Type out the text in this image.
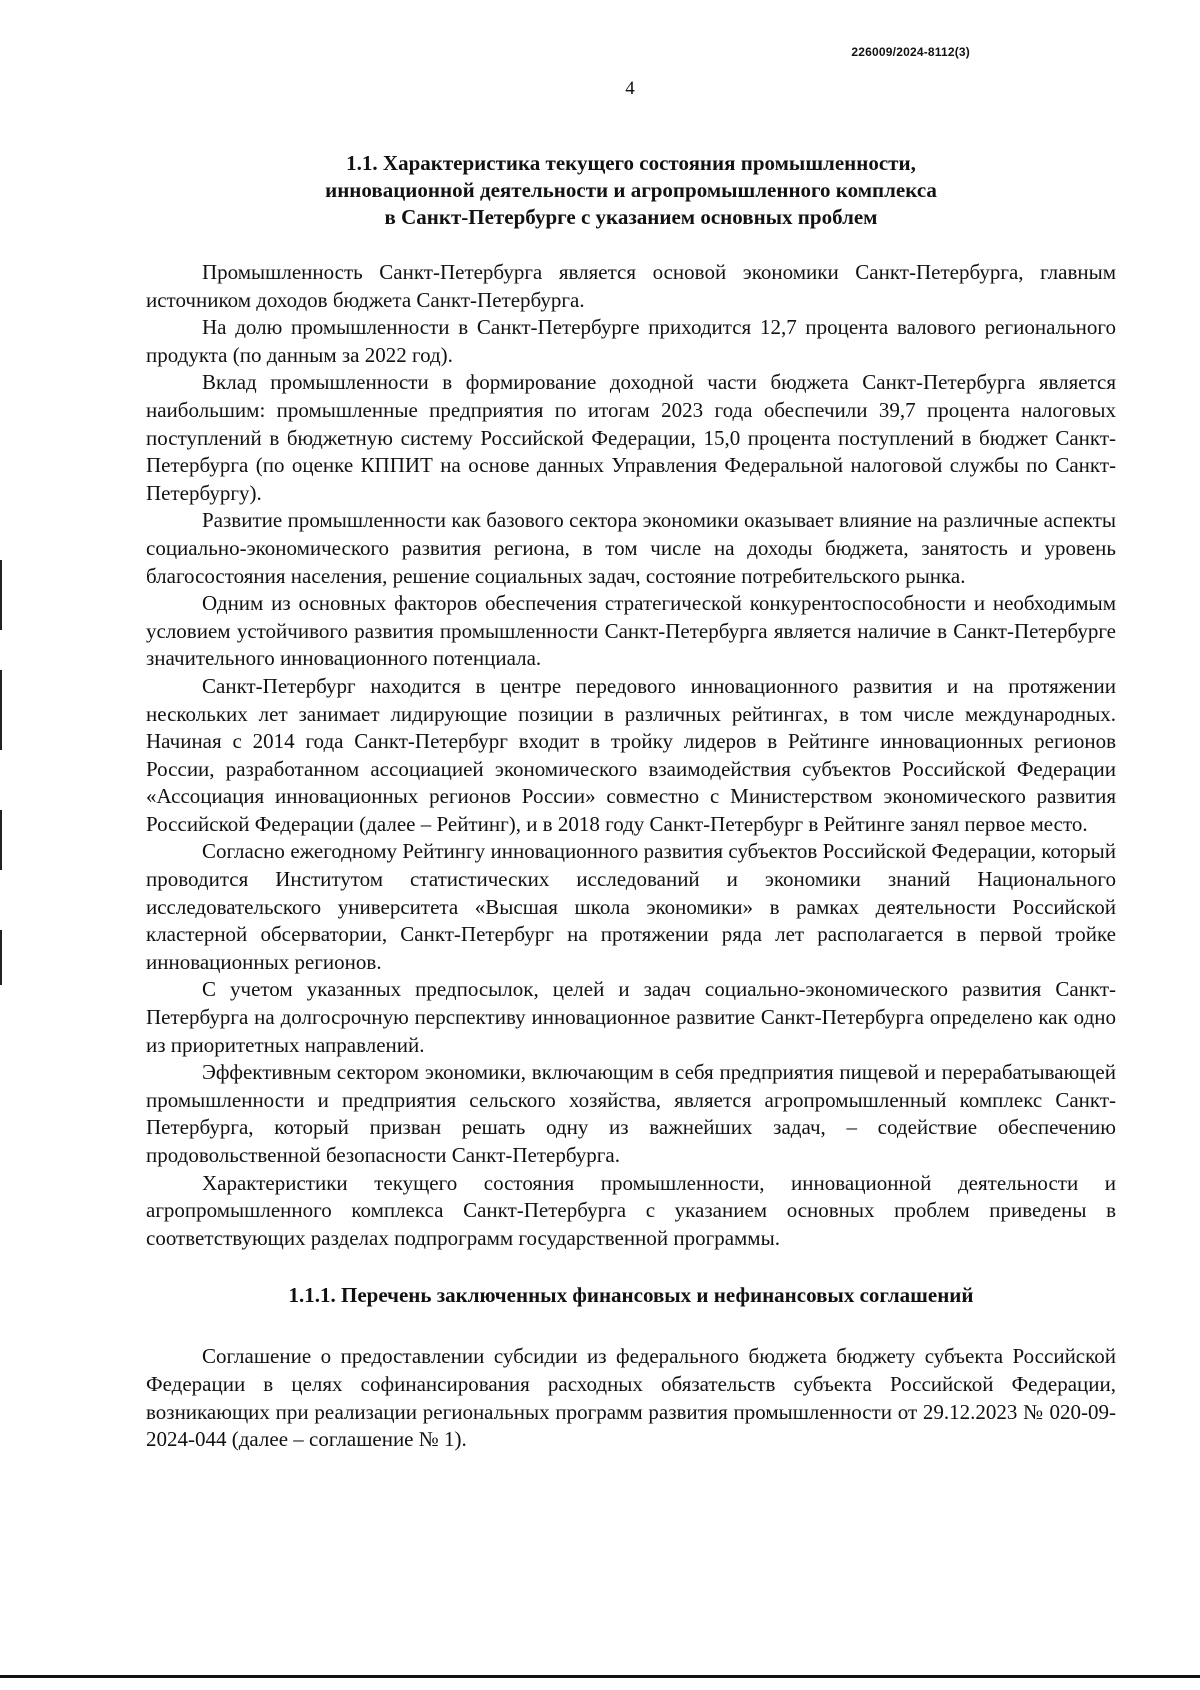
226009/2024-8112(3)
4
1.1. Характеристика текущего состояния промышленности,
инновационной деятельности и агропромышленного комплекса
в Санкт-Петербурге с указанием основных проблем

Промышленность Санкт-Петербурга является основой экономики Санкт-Петербурга, главным источником доходов бюджета Санкт-Петербурга.

На долю промышленности в Санкт-Петербурге приходится 12,7 процента валового регионального продукта (по данным за 2022 год).

Вклад промышленности в формирование доходной части бюджета Санкт-Петербурга является наибольшим: промышленные предприятия по итогам 2023 года обеспечили 39,7 процента налоговых поступлений в бюджетную систему Российской Федерации, 15,0 процента поступлений в бюджет Санкт-Петербурга (по оценке КППИТ на основе данных Управления Федеральной налоговой службы по Санкт-Петербургу).

Развитие промышленности как базового сектора экономики оказывает влияние на различные аспекты социально-экономического развития региона, в том числе на доходы бюджета, занятость и уровень благосостояния населения, решение социальных задач, состояние потребительского рынка.

Одним из основных факторов обеспечения стратегической конкурентоспособности и необходимым условием устойчивого развития промышленности Санкт-Петербурга является наличие в Санкт-Петербурге значительного инновационного потенциала.

Санкт-Петербург находится в центре передового инновационного развития и на протяжении нескольких лет занимает лидирующие позиции в различных рейтингах, в том числе международных. Начиная с 2014 года Санкт-Петербург входит в тройку лидеров в Рейтинге инновационных регионов России, разработанном ассоциацией экономического взаимодействия субъектов Российской Федерации «Ассоциация инновационных регионов России» совместно с Министерством экономического развития Российской Федерации (далее – Рейтинг), и в 2018 году Санкт-Петербург в Рейтинге занял первое место.

Согласно ежегодному Рейтингу инновационного развития субъектов Российской Федерации, который проводится Институтом статистических исследований и экономики знаний Национального исследовательского университета «Высшая школа экономики» в рамках деятельности Российской кластерной обсерватории, Санкт-Петербург на протяжении ряда лет располагается в первой тройке инновационных регионов.

С учетом указанных предпосылок, целей и задач социально-экономического развития Санкт-Петербурга на долгосрочную перспективу инновационное развитие Санкт-Петербурга определено как одно из приоритетных направлений.

Эффективным сектором экономики, включающим в себя предприятия пищевой и перерабатывающей промышленности и предприятия сельского хозяйства, является агропромышленный комплекс Санкт-Петербурга, который призван решать одну из важнейших задач, – содействие обеспечению продовольственной безопасности Санкт-Петербурга.

Характеристики текущего состояния промышленности, инновационной деятельности и агропромышленного комплекса Санкт-Петербурга с указанием основных проблем приведены в соответствующих разделах подпрограмм государственной программы.

1.1.1. Перечень заключенных финансовых и нефинансовых соглашений

Соглашение о предоставлении субсидии из федерального бюджета бюджету субъекта Российской Федерации в целях софинансирования расходных обязательств субъекта Российской Федерации, возникающих при реализации региональных программ развития промышленности от 29.12.2023 № 020-09-2024-044 (далее – соглашение № 1).
